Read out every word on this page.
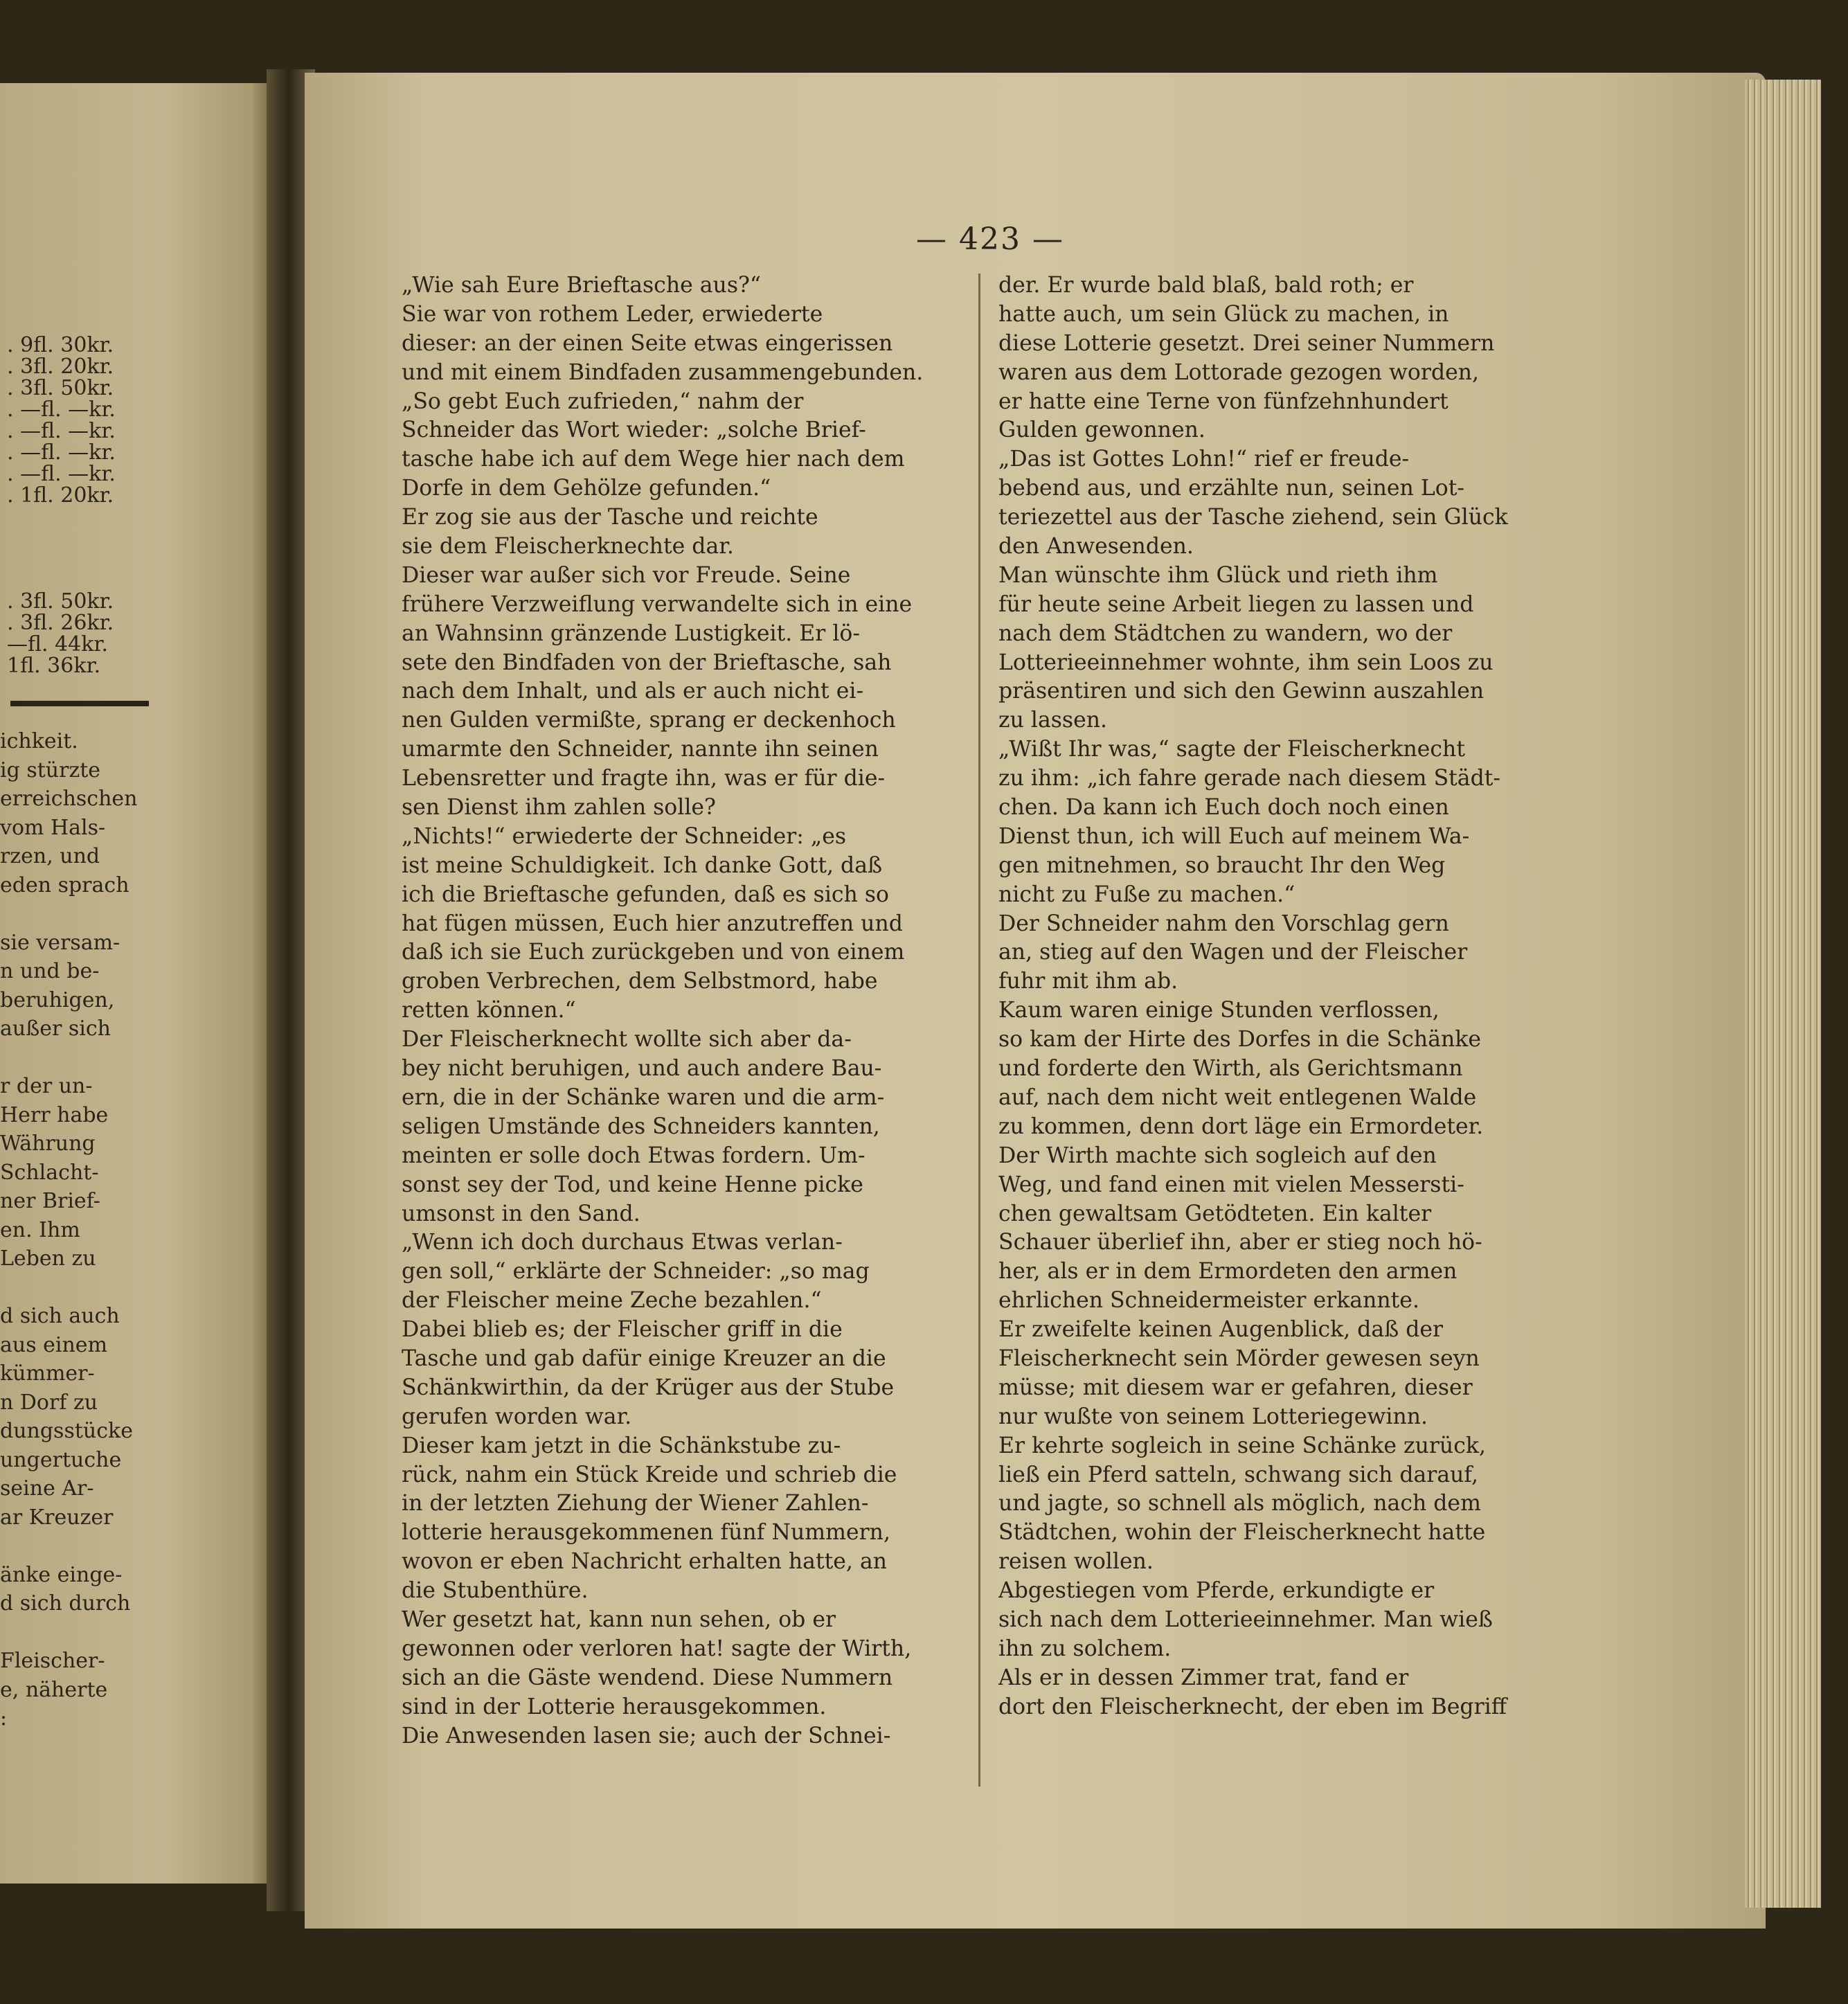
— 423 —
. 9fl. 30kr.
. 3fl. 20kr.
. 3fl. 50kr.
. —fl. —kr.
. —fl. —kr.
. —fl. —kr.
. —fl. —kr.
. 1fl. 20kr.
. 3fl. 50kr.
. 3fl. 26kr.
—fl. 44kr.
1fl. 36kr.
ichkeit.
ig stürzte
erreichschen
vom Hals-
rzen, und
eden sprach
sie versam-
n und be-
beruhigen,
außer sich
r der un-
Herr habe
Währung
Schlacht-
ner Brief-
en. Ihm
Leben zu
d sich auch
aus einem
kümmer-
n Dorf zu
dungsstücke
ungertuche
seine Ar-
ar Kreuzer
änke einge-
d sich durch
Fleischer-
e, näherte
:
„Wie sah Eure Brieftasche aus?“
Sie war von rothem Leder, erwiederte
dieser: an der einen Seite etwas eingerissen
und mit einem Bindfaden zusammengebunden.
„So gebt Euch zufrieden,“ nahm der
Schneider das Wort wieder: „solche Brief-
tasche habe ich auf dem Wege hier nach dem
Dorfe in dem Gehölze gefunden.“
Er zog sie aus der Tasche und reichte
sie dem Fleischerknechte dar.
Dieser war außer sich vor Freude. Seine
frühere Verzweiflung verwandelte sich in eine
an Wahnsinn gränzende Lustigkeit. Er lö-
sete den Bindfaden von der Brieftasche, sah
nach dem Inhalt, und als er auch nicht ei-
nen Gulden vermißte, sprang er deckenhoch
umarmte den Schneider, nannte ihn seinen
Lebensretter und fragte ihn, was er für die-
sen Dienst ihm zahlen solle?
„Nichts!“ erwiederte der Schneider: „es
ist meine Schuldigkeit. Ich danke Gott, daß
ich die Brieftasche gefunden, daß es sich so
hat fügen müssen, Euch hier anzutreffen und
daß ich sie Euch zurückgeben und von einem
groben Verbrechen, dem Selbstmord, habe
retten können.“
Der Fleischerknecht wollte sich aber da-
bey nicht beruhigen, und auch andere Bau-
ern, die in der Schänke waren und die arm-
seligen Umstände des Schneiders kannten,
meinten er solle doch Etwas fordern. Um-
sonst sey der Tod, und keine Henne picke
umsonst in den Sand.
„Wenn ich doch durchaus Etwas verlan-
gen soll,“ erklärte der Schneider: „so mag
der Fleischer meine Zeche bezahlen.“
Dabei blieb es; der Fleischer griff in die
Tasche und gab dafür einige Kreuzer an die
Schänkwirthin, da der Krüger aus der Stube
gerufen worden war.
Dieser kam jetzt in die Schänkstube zu-
rück, nahm ein Stück Kreide und schrieb die
in der letzten Ziehung der Wiener Zahlen-
lotterie herausgekommenen fünf Nummern,
wovon er eben Nachricht erhalten hatte, an
die Stubenthüre.
Wer gesetzt hat, kann nun sehen, ob er
gewonnen oder verloren hat! sagte der Wirth,
sich an die Gäste wendend. Diese Nummern
sind in der Lotterie herausgekommen.
Die Anwesenden lasen sie; auch der Schnei-
der. Er wurde bald blaß, bald roth; er
hatte auch, um sein Glück zu machen, in
diese Lotterie gesetzt. Drei seiner Nummern
waren aus dem Lottorade gezogen worden,
er hatte eine Terne von fünfzehnhundert
Gulden gewonnen.
„Das ist Gottes Lohn!“ rief er freude-
bebend aus, und erzählte nun, seinen Lot-
teriezettel aus der Tasche ziehend, sein Glück
den Anwesenden.
Man wünschte ihm Glück und rieth ihm
für heute seine Arbeit liegen zu lassen und
nach dem Städtchen zu wandern, wo der
Lotterieeinnehmer wohnte, ihm sein Loos zu
präsentiren und sich den Gewinn auszahlen
zu lassen.
„Wißt Ihr was,“ sagte der Fleischerknecht
zu ihm: „ich fahre gerade nach diesem Städt-
chen. Da kann ich Euch doch noch einen
Dienst thun, ich will Euch auf meinem Wa-
gen mitnehmen, so braucht Ihr den Weg
nicht zu Fuße zu machen.“
Der Schneider nahm den Vorschlag gern
an, stieg auf den Wagen und der Fleischer
fuhr mit ihm ab.
Kaum waren einige Stunden verflossen,
so kam der Hirte des Dorfes in die Schänke
und forderte den Wirth, als Gerichtsmann
auf, nach dem nicht weit entlegenen Walde
zu kommen, denn dort läge ein Ermordeter.
Der Wirth machte sich sogleich auf den
Weg, und fand einen mit vielen Messersti-
chen gewaltsam Getödteten. Ein kalter
Schauer überlief ihn, aber er stieg noch hö-
her, als er in dem Ermordeten den armen
ehrlichen Schneidermeister erkannte.
Er zweifelte keinen Augenblick, daß der
Fleischerknecht sein Mörder gewesen seyn
müsse; mit diesem war er gefahren, dieser
nur wußte von seinem Lotteriegewinn.
Er kehrte sogleich in seine Schänke zurück,
ließ ein Pferd satteln, schwang sich darauf,
und jagte, so schnell als möglich, nach dem
Städtchen, wohin der Fleischerknecht hatte
reisen wollen.
Abgestiegen vom Pferde, erkundigte er
sich nach dem Lotterieeinnehmer. Man wieß
ihn zu solchem.
Als er in dessen Zimmer trat, fand er
dort den Fleischerknecht, der eben im Begriff
